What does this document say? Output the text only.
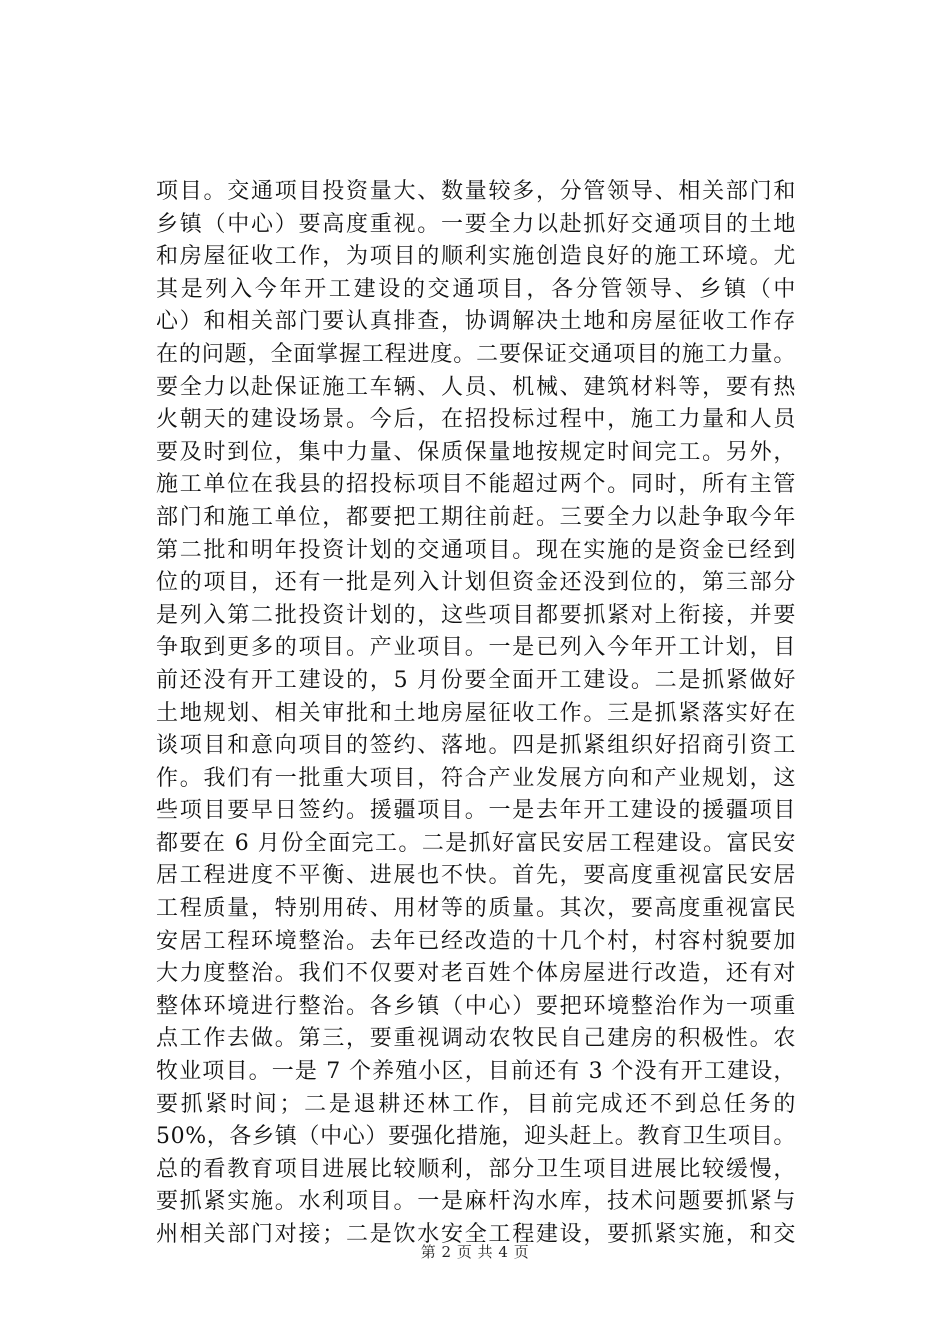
项目。交通项目投资量大、数量较多，分管领导、相关部门和
乡镇（中心）要高度重视。一要全力以赴抓好交通项目的土地
和房屋征收工作，为项目的顺利实施创造良好的施工环境。尤
其是列入今年开工建设的交通项目，各分管领导、乡镇（中
心）和相关部门要认真排查，协调解决土地和房屋征收工作存
在的问题，全面掌握工程进度。二要保证交通项目的施工力量。
要全力以赴保证施工车辆、人员、机械、建筑材料等，要有热
火朝天的建设场景。今后，在招投标过程中，施工力量和人员
要及时到位，集中力量、保质保量地按规定时间完工。另外，
施工单位在我县的招投标项目不能超过两个。同时，所有主管
部门和施工单位，都要把工期往前赶。三要全力以赴争取今年
第二批和明年投资计划的交通项目。现在实施的是资金已经到
位的项目，还有一批是列入计划但资金还没到位的，第三部分
是列入第二批投资计划的，这些项目都要抓紧对上衔接，并要
争取到更多的项目。产业项目。一是已列入今年开工计划，目
前还没有开工建设的，5 月份要全面开工建设。二是抓紧做好
土地规划、相关审批和土地房屋征收工作。三是抓紧落实好在
谈项目和意向项目的签约、落地。四是抓紧组织好招商引资工
作。我们有一批重大项目，符合产业发展方向和产业规划，这
些项目要早日签约。援疆项目。一是去年开工建设的援疆项目
都要在 6 月份全面完工。二是抓好富民安居工程建设。富民安
居工程进度不平衡、进展也不快。首先，要高度重视富民安居
工程质量，特别用砖、用材等的质量。其次，要高度重视富民
安居工程环境整治。去年已经改造的十几个村，村容村貌要加
大力度整治。我们不仅要对老百姓个体房屋进行改造，还有对
整体环境进行整治。各乡镇（中心）要把环境整治作为一项重
点工作去做。第三，要重视调动农牧民自己建房的积极性。农
牧业项目。一是 7 个养殖小区，目前还有 3 个没有开工建设，
要抓紧时间；二是退耕还林工作，目前完成还不到总任务的
50%，各乡镇（中心）要强化措施，迎头赶上。教育卫生项目。
总的看教育项目进展比较顺利，部分卫生项目进展比较缓慢，
要抓紧实施。水利项目。一是麻杆沟水库，技术问题要抓紧与
州相关部门对接；二是饮水安全工程建设，要抓紧实施，和交
第 2 页 共 4 页
